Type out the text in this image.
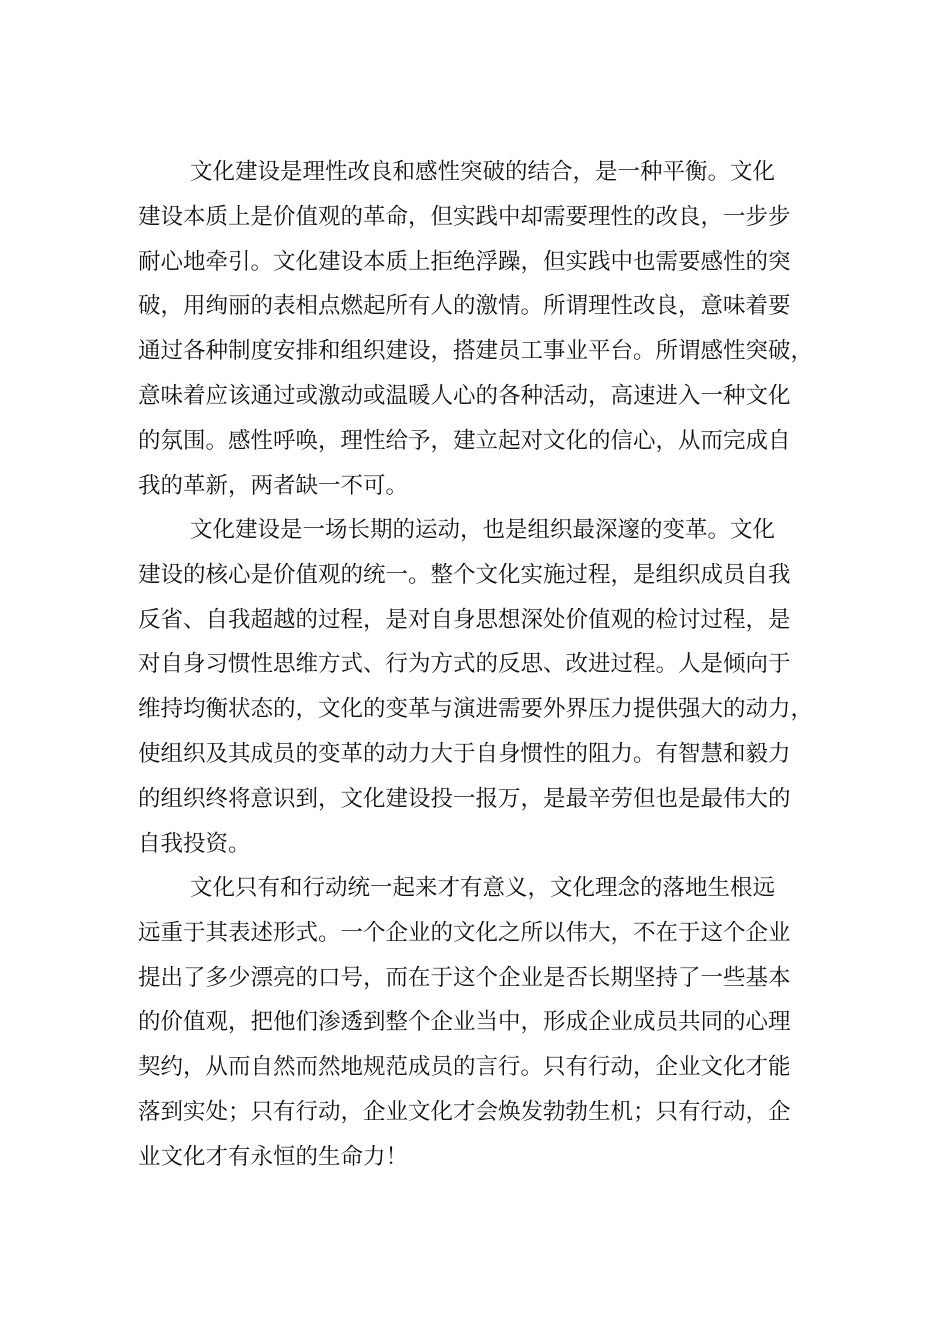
文化建设是理性改良和感性突破的结合，是一种平衡。文化
建设本质上是价值观的革命，但实践中却需要理性的改良，一步步
耐心地牵引。文化建设本质上拒绝浮躁，但实践中也需要感性的突
破，用绚丽的表相点燃起所有人的激情。所谓理性改良，意味着要
通过各种制度安排和组织建设，搭建员工事业平台。所谓感性突破，
意味着应该通过或激动或温暖人心的各种活动，高速进入一种文化
的氛围。感性呼唤，理性给予，建立起对文化的信心，从而完成自
我的革新，两者缺一不可。
文化建设是一场长期的运动，也是组织最深邃的变革。文化
建设的核心是价值观的统一。整个文化实施过程，是组织成员自我
反省、自我超越的过程，是对自身思想深处价值观的检讨过程，是
对自身习惯性思维方式、行为方式的反思、改进过程。人是倾向于
维持均衡状态的，文化的变革与演进需要外界压力提供强大的动力，
使组织及其成员的变革的动力大于自身惯性的阻力。有智慧和毅力
的组织终将意识到，文化建设投一报万，是最辛劳但也是最伟大的
自我投资。
文化只有和行动统一起来才有意义，文化理念的落地生根远
远重于其表述形式。一个企业的文化之所以伟大，不在于这个企业
提出了多少漂亮的口号，而在于这个企业是否长期坚持了一些基本
的价值观，把他们渗透到整个企业当中，形成企业成员共同的心理
契约，从而自然而然地规范成员的言行。只有行动，企业文化才能
落到实处；只有行动，企业文化才会焕发勃勃生机；只有行动，企
业文化才有永恒的生命力！
